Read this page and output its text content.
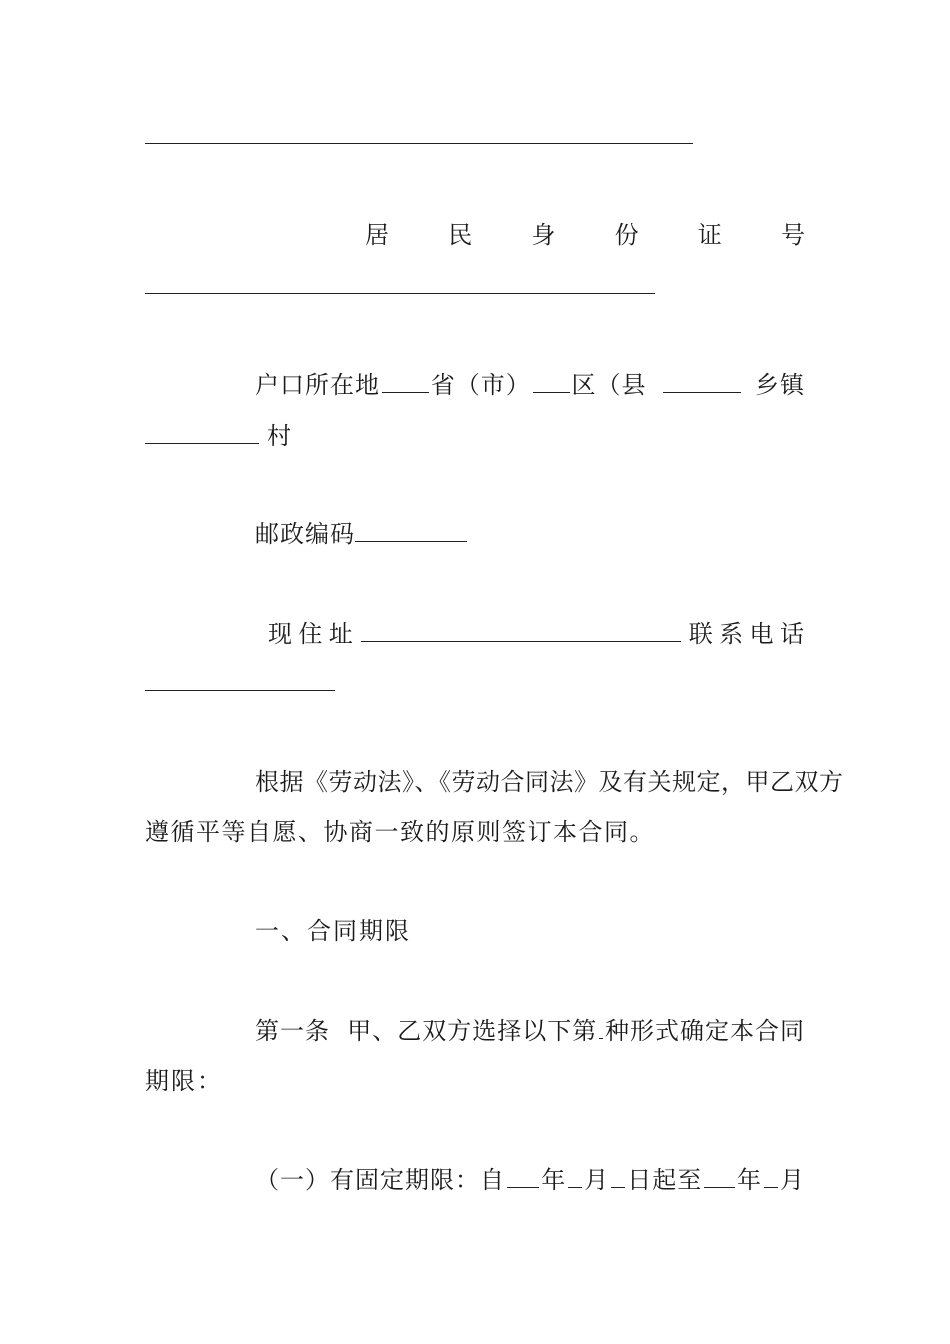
居 民 身 份 证 号
户口所在地 省（市） 区（县	乡镇
村
邮政编码
现 住 址	联 系 电 话
根据《劳动法》、《劳动合同法》及有关规定，甲乙双方
遵循平等自愿、协商一致的原则签订本合同。
一、合同期限
第一条  甲、乙双方选择以下第 种形式确定本合同
期限：
（一）有固定期限：自 年 月 日起至 年 月
